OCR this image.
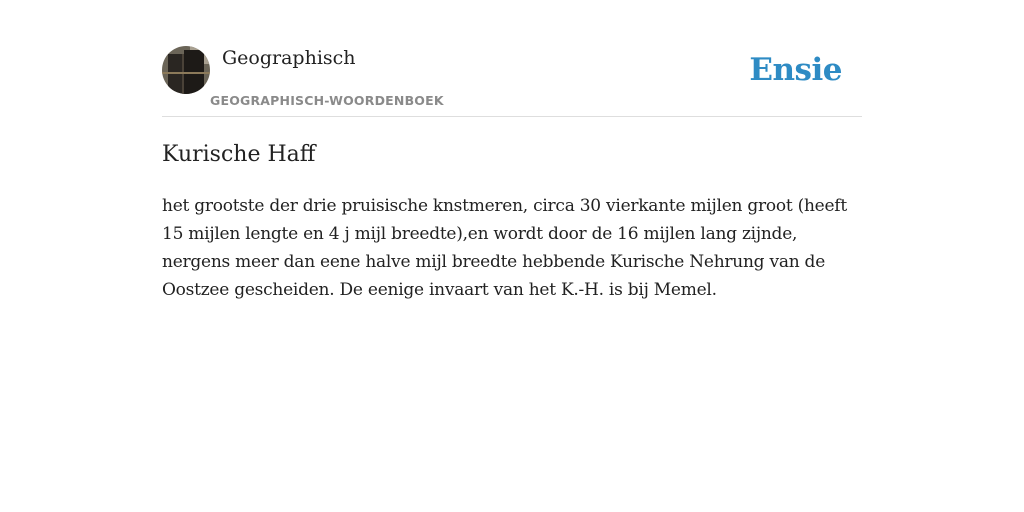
Geographisch
GEOGRAPHISCH-WOORDENBOEK
Ensie
Kurische Haff

het grootste der drie pruisische knstmeren, circa 30 vierkante mijlen groot (heeft 15 mijlen lengte en 4 j mijl breedte),en wordt door de 16 mijlen lang zijnde, nergens meer dan eene halve mijl breedte hebbende Kurische Nehrung van de Oostzee gescheiden. De eenige invaart van het K.-H. is bij Memel.
